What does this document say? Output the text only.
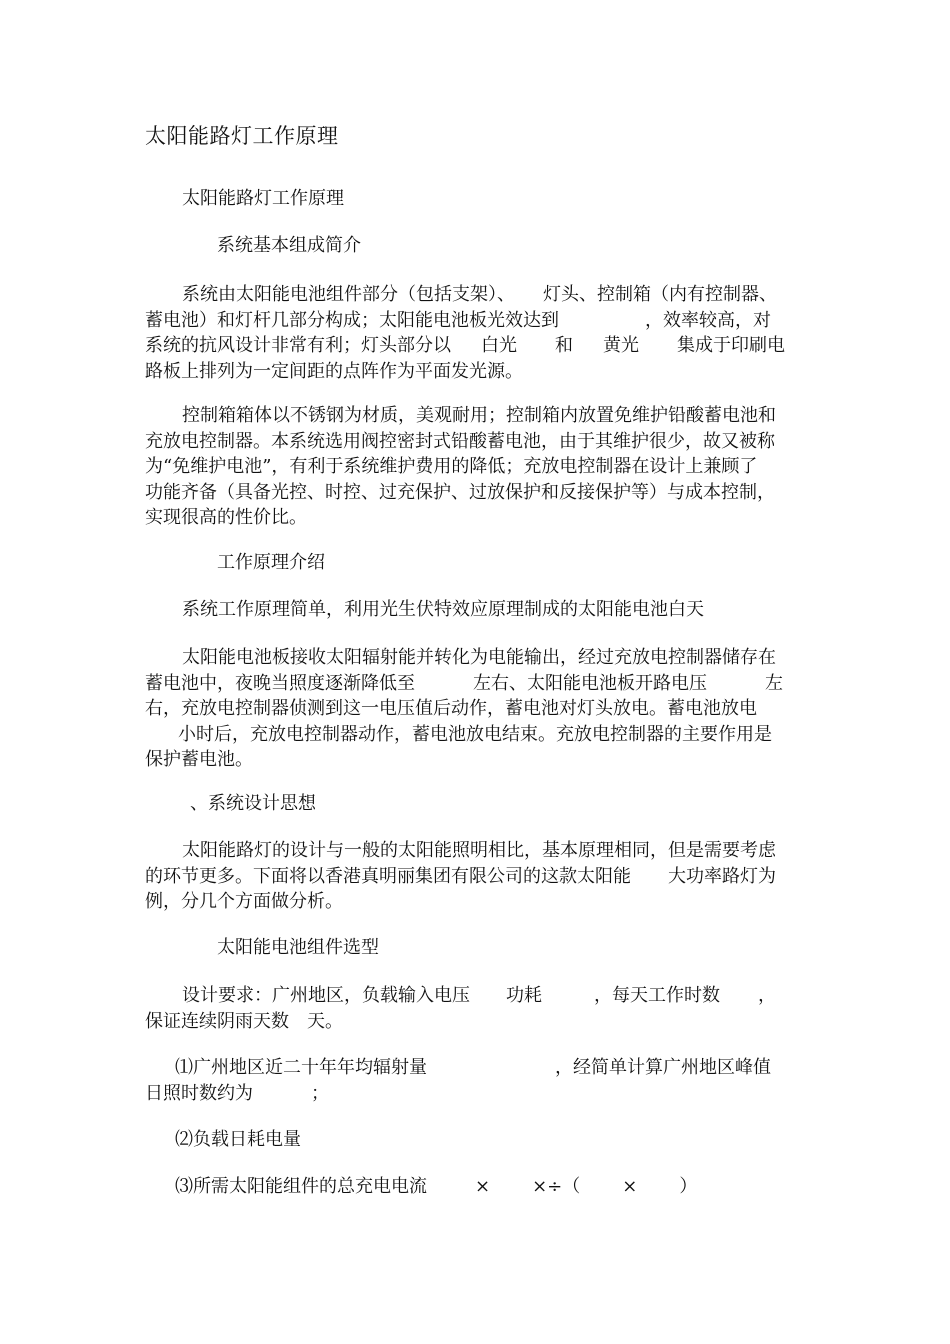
太阳能路灯工作原理
太阳能路灯工作原理
系统基本组成简介
系统由太阳能电池组件部分（包括支架）、 灯头、控制箱（内有控制器、
蓄电池）和灯杆几部分构成；太阳能电池板光效达到	，效率较高，对
系统的抗风设计非常有利；灯头部分以 白光 和 黄光 集成于印刷电
路板上排列为一定间距的点阵作为平面发光源。
控制箱箱体以不锈钢为材质，美观耐用；控制箱内放置免维护铅酸蓄电池和
充放电控制器。本系统选用阀控密封式铅酸蓄电池，由于其维护很少，故又被称
为“免维护电池”，有利于系统维护费用的降低；充放电控制器在设计上兼顾了
功能齐备（具备光控、时控、过充保护、过放保护和反接保护等）与成本控制，
实现很高的性价比。
工作原理介绍
系统工作原理简单，利用光生伏特效应原理制成的太阳能电池白天
太阳能电池板接收太阳辐射能并转化为电能输出，经过充放电控制器储存在
蓄电池中，夜晚当照度逐渐降低至	左右、太阳能电池板开路电压	左
右，充放电控制器侦测到这一电压值后动作，蓄电池对灯头放电。蓄电池放电
小时后，充放电控制器动作，蓄电池放电结束。充放电控制器的主要作用是
保护蓄电池。
、系统设计思想
太阳能路灯的设计与一般的太阳能照明相比，基本原理相同，但是需要考虑
的环节更多。下面将以香港真明丽集团有限公司的这款太阳能 大功率路灯为
例，分几个方面做分析。
太阳能电池组件选型
设计要求：广州地区，负载输入电压 功耗	，每天工作时数 ，
保证连续阴雨天数 天。
⑴广州地区近二十年年均辐射量	，经简单计算广州地区峰值
日照时数约为	；
⑵负载日耗电量
⑶所需太阳能组件的总充电电流	× ×÷（ × ）
